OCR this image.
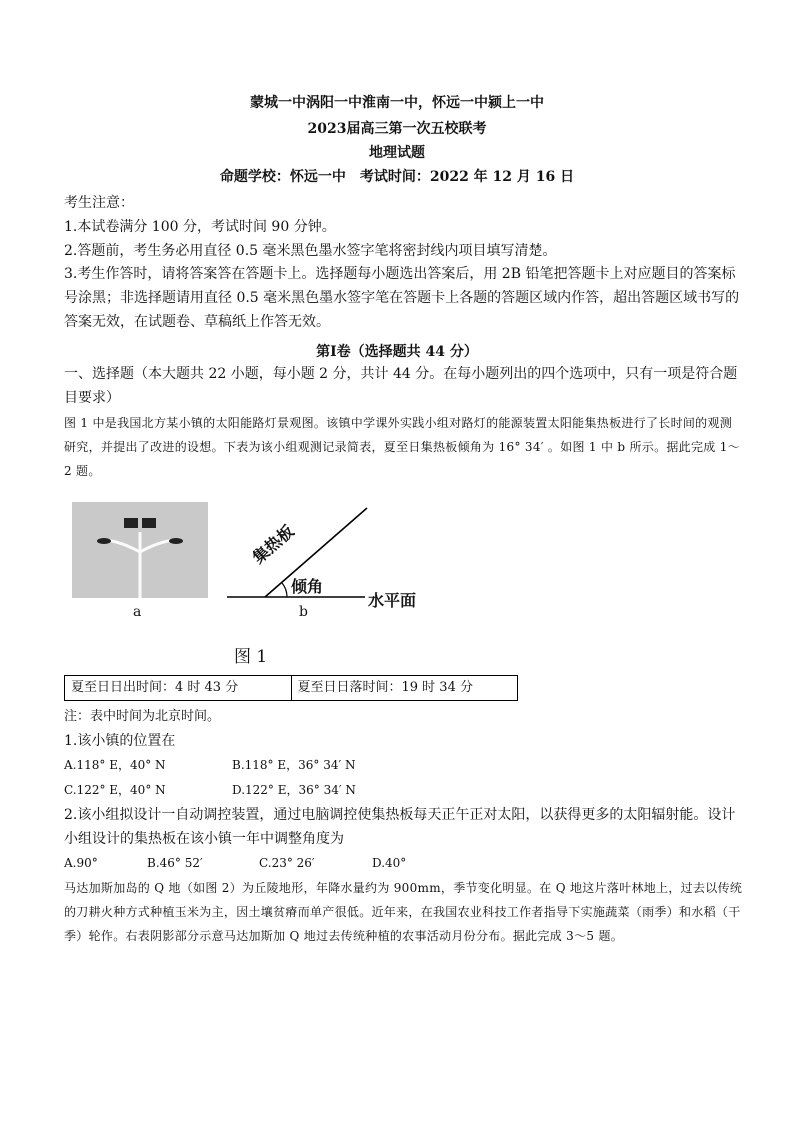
蒙城一中涡阳一中淮南一中，怀远一中颍上一中
2023届高三第一次五校联考
地理试题
命题学校：怀远一中　考试时间：2022 年 12 月 16 日
考生注意：
1.本试卷满分 100 分，考试时间 90 分钟。
2.答题前，考生务必用直径 0.5 毫米黑色墨水签字笔将密封线内项目填写清楚。
3.考生作答时，请将答案答在答题卡上。选择题每小题选出答案后，用 2B 铅笔把答题卡上对应题目的答案标号涂黑；非选择题请用直径 0.5 毫米黑色墨水签字笔在答题卡上各题的答题区域内作答，超出答题区域书写的答案无效，在试题卷、草稿纸上作答无效。
第Ⅰ卷（选择题共 44 分）
一、选择题（本大题共 22 小题，每小题 2 分，共计 44 分。在每小题列出的四个选项中，只有一项是符合题目要求）
图 1 中是我国北方某小镇的太阳能路灯景观图。该镇中学课外实践小组对路灯的能源装置太阳能集热板进行了长时间的观测研究，并提出了改进的设想。下表为该小组观测记录简表，夏至日集热板倾角为 16° 34′ 。如图 1 中 b 所示。据此完成 1～2 题。
a
集热板
倾角
水平面
b
图 1
夏至日日出时间：4 时 43 分	夏至日日落时间：19 时 34 分
注：表中时间为北京时间。
1.该小镇的位置在
A.118° E，40° N	B.118° E，36° 34′ N
C.122° E，40° N	D.122° E，36° 34′ N
2.该小组拟设计一自动调控装置，通过电脑调控使集热板每天正午正对太阳，以获得更多的太阳辐射能。设计小组设计的集热板在该小镇一年中调整角度为
A.90°	B.46° 52′	C.23° 26′	D.40°
马达加斯加岛的 Q 地（如图 2）为丘陵地形，年降水量约为 900mm，季节变化明显。在 Q 地这片落叶林地上，过去以传统的刀耕火种方式种植玉米为主，因土壤贫瘠而单产很低。近年来，在我国农业科技工作者指导下实施蔬菜（雨季）和水稻（干季）轮作。右表阴影部分示意马达加斯加 Q 地过去传统种植的农事活动月份分布。据此完成 3～5 题。
